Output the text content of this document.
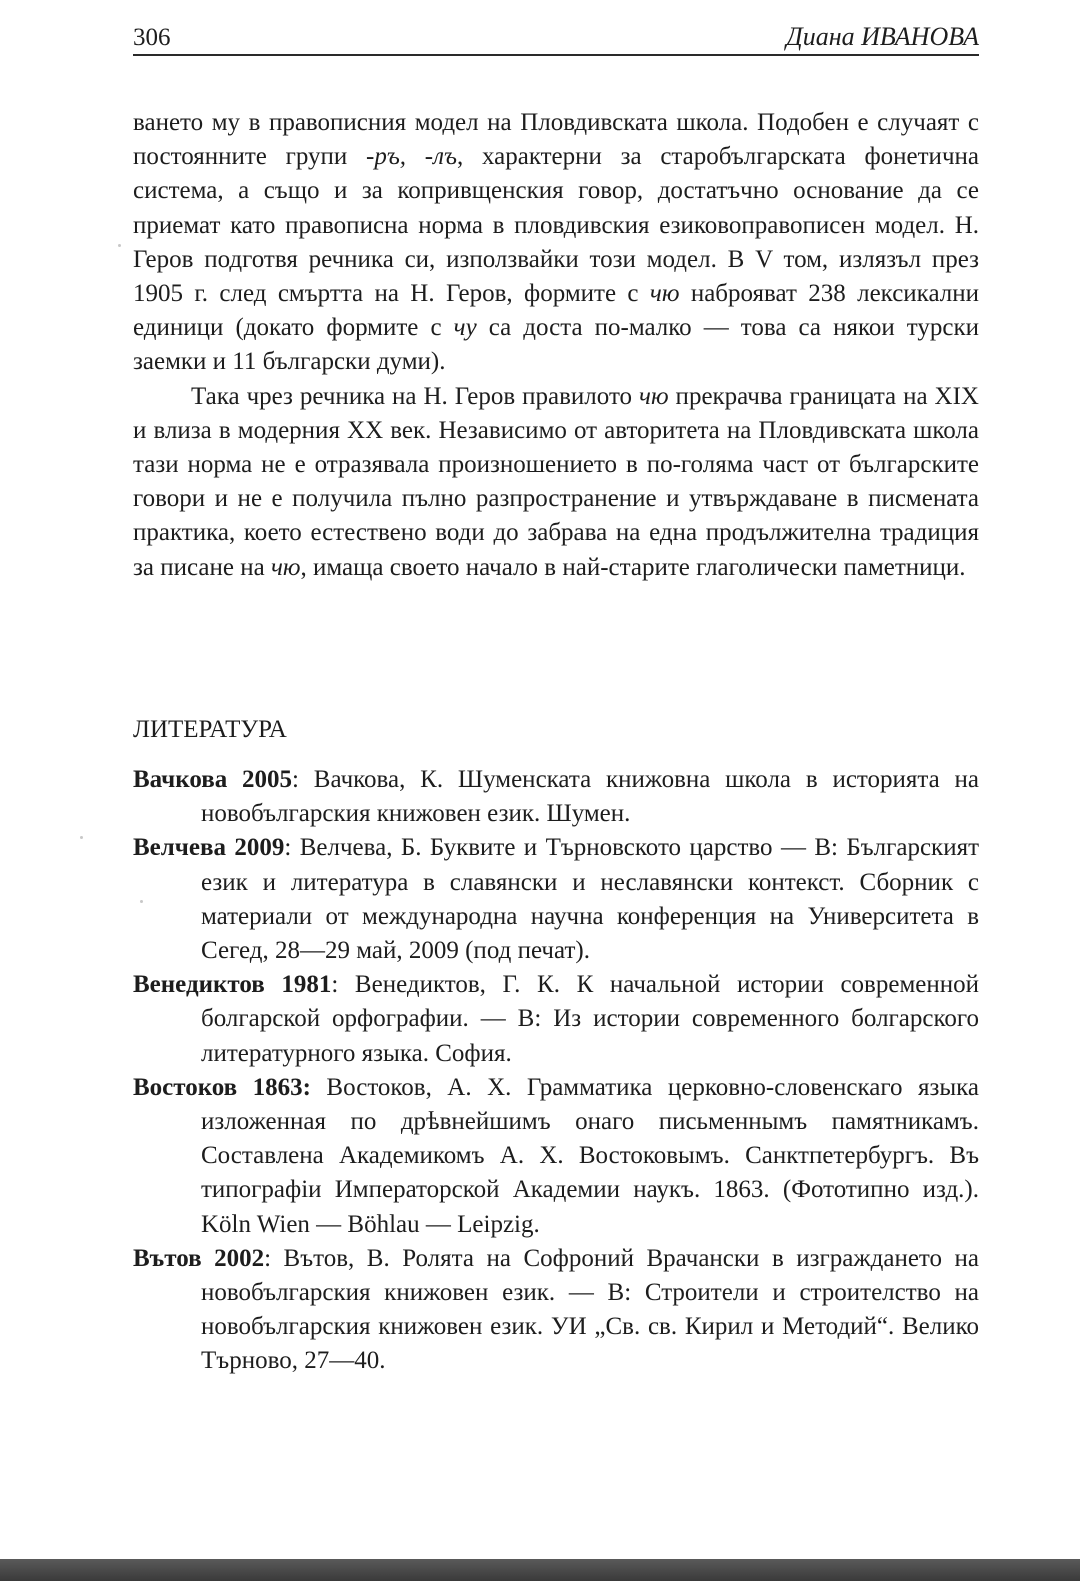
306	Диана ИВАНОВА

ването му в правописния модел на Пловдивската школа. Подобен е случаят с постоянните групи -ръ, -лъ, характерни за старобългарската фонетична система, а също и за копривщенския говор, достатъчно основание да се приемат като правописна норма в пловдивския езиковоправописен модел. Н. Геров подготвя речника си, използвайки този модел. В V том, излязъл през 1905 г. след смъртта на Н. Геров, формите с чю наброяват 238 лексикални единици (докато формите с чу са доста по-малко — това са някои турски заемки и 11 български думи).

Така чрез речника на Н. Геров правилото чю прекрачва границата на XIX и влиза в модерния XX век. Независимо от авторитета на Пловдивската школа тази норма не е отразявала произношението в по-голяма част от българските говори и не е получила пълно разпространение и утвърждаване в писмената практика, което естествено води до забрава на една продължителна традиция за писане на чю, имаща своето начало в най-старите глаголически паметници.

ЛИТЕРАТУРА
Вачкова 2005: Вачкова, К. Шуменската книжовна школа в историята на новобългарския книжовен език. Шумен.
Велчева 2009: Велчева, Б. Буквите и Търновското царство — В: Българският език и литература в славянски и неславянски контекст. Сборник с материали от международна научна конференция на Университета в Сегед, 28—29 май, 2009 (под печат).
Венедиктов 1981: Венедиктов, Г. К. К начальной истории современной болгарской орфографии. — В: Из истории современного болгарского литературного языка. София.
Востоков 1863: Востоков, А. Х. Грамматика церковно-словенскаго языка изложенная по дрѣвнейшимъ онаго письменнымъ памятникамъ. Составлена Академикомъ А. Х. Востоковымъ. Санктпетербургъ. Въ типографіи Императорской Академии наукъ. 1863. (Фототипно изд.). Köln Wien — Böhlau — Leipzig.
Вътов 2002: Вътов, В. Ролята на Софроний Врачански в изграждането на новобългарския книжовен език. — В: Строители и строителство на новобългарския книжовен език. УИ „Св. св. Кирил и Методий“. Велико Търново, 27—40.
